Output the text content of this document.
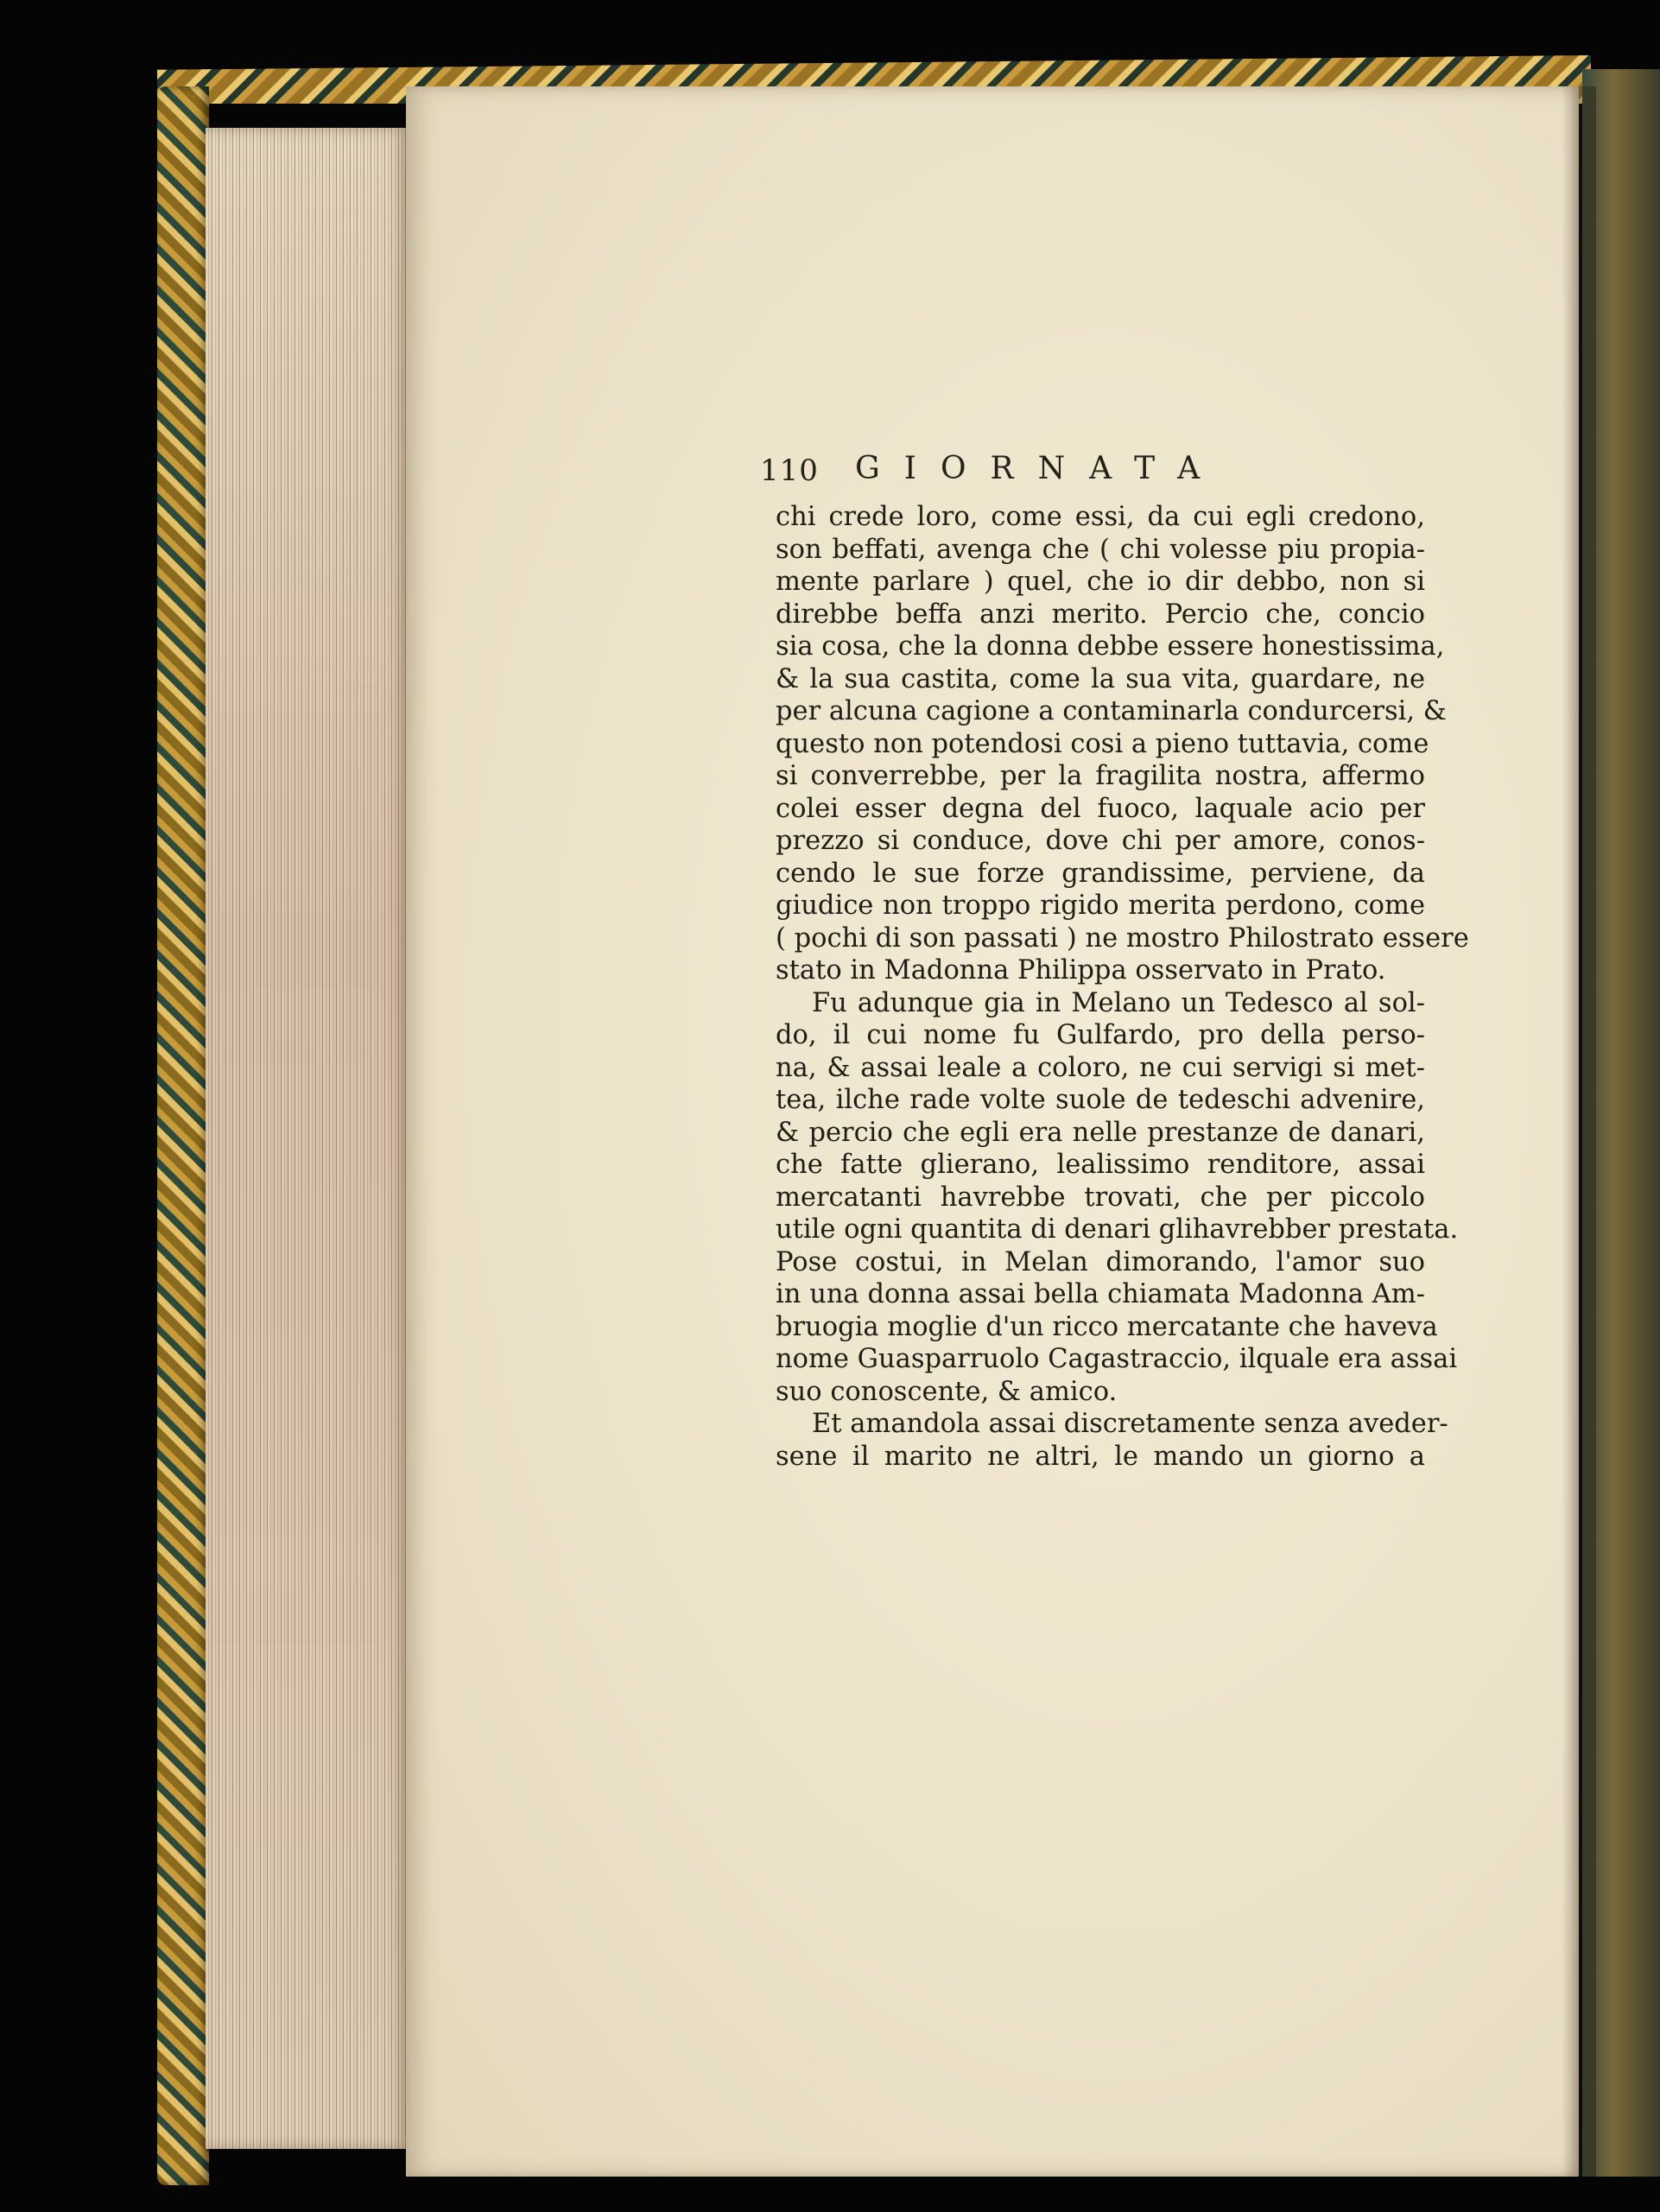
110 GIORNATA
chi crede loro, come essi, da cui egli credono,
son beffati, avenga che ( chi volesse piu propia-
mente parlare ) quel, che io dir debbo, non si
direbbe beffa anzi merito. Percio che, concio
sia cosa, che la donna debbe essere honestissima,
& la sua castita, come la sua vita, guardare, ne
per alcuna cagione a contaminarla condurcersi, &
questo non potendosi cosi a pieno tuttavia, come
si converrebbe, per la fragilita nostra, affermo
colei esser degna del fuoco, laquale acio per
prezzo si conduce, dove chi per amore, conos-
cendo le sue forze grandissime, perviene, da
giudice non troppo rigido merita perdono, come
( pochi di son passati ) ne mostro Philostrato essere
stato in Madonna Philippa osservato in Prato.
Fu adunque gia in Melano un Tedesco al sol-
do, il cui nome fu Gulfardo, pro della perso-
na, & assai leale a coloro, ne cui servigi si met-
tea, ilche rade volte suole de tedeschi advenire,
& percio che egli era nelle prestanze de danari,
che fatte glierano, lealissimo renditore, assai
mercatanti havrebbe trovati, che per piccolo
utile ogni quantita di denari glihavrebber prestata.
Pose costui, in Melan dimorando, l'amor suo
in una donna assai bella chiamata Madonna Am-
bruogia moglie d'un ricco mercatante che haveva
nome Guasparruolo Cagastraccio, ilquale era assai
suo conoscente, & amico.
Et amandola assai discretamente senza aveder-
sene il marito ne altri, le mando un giorno a
